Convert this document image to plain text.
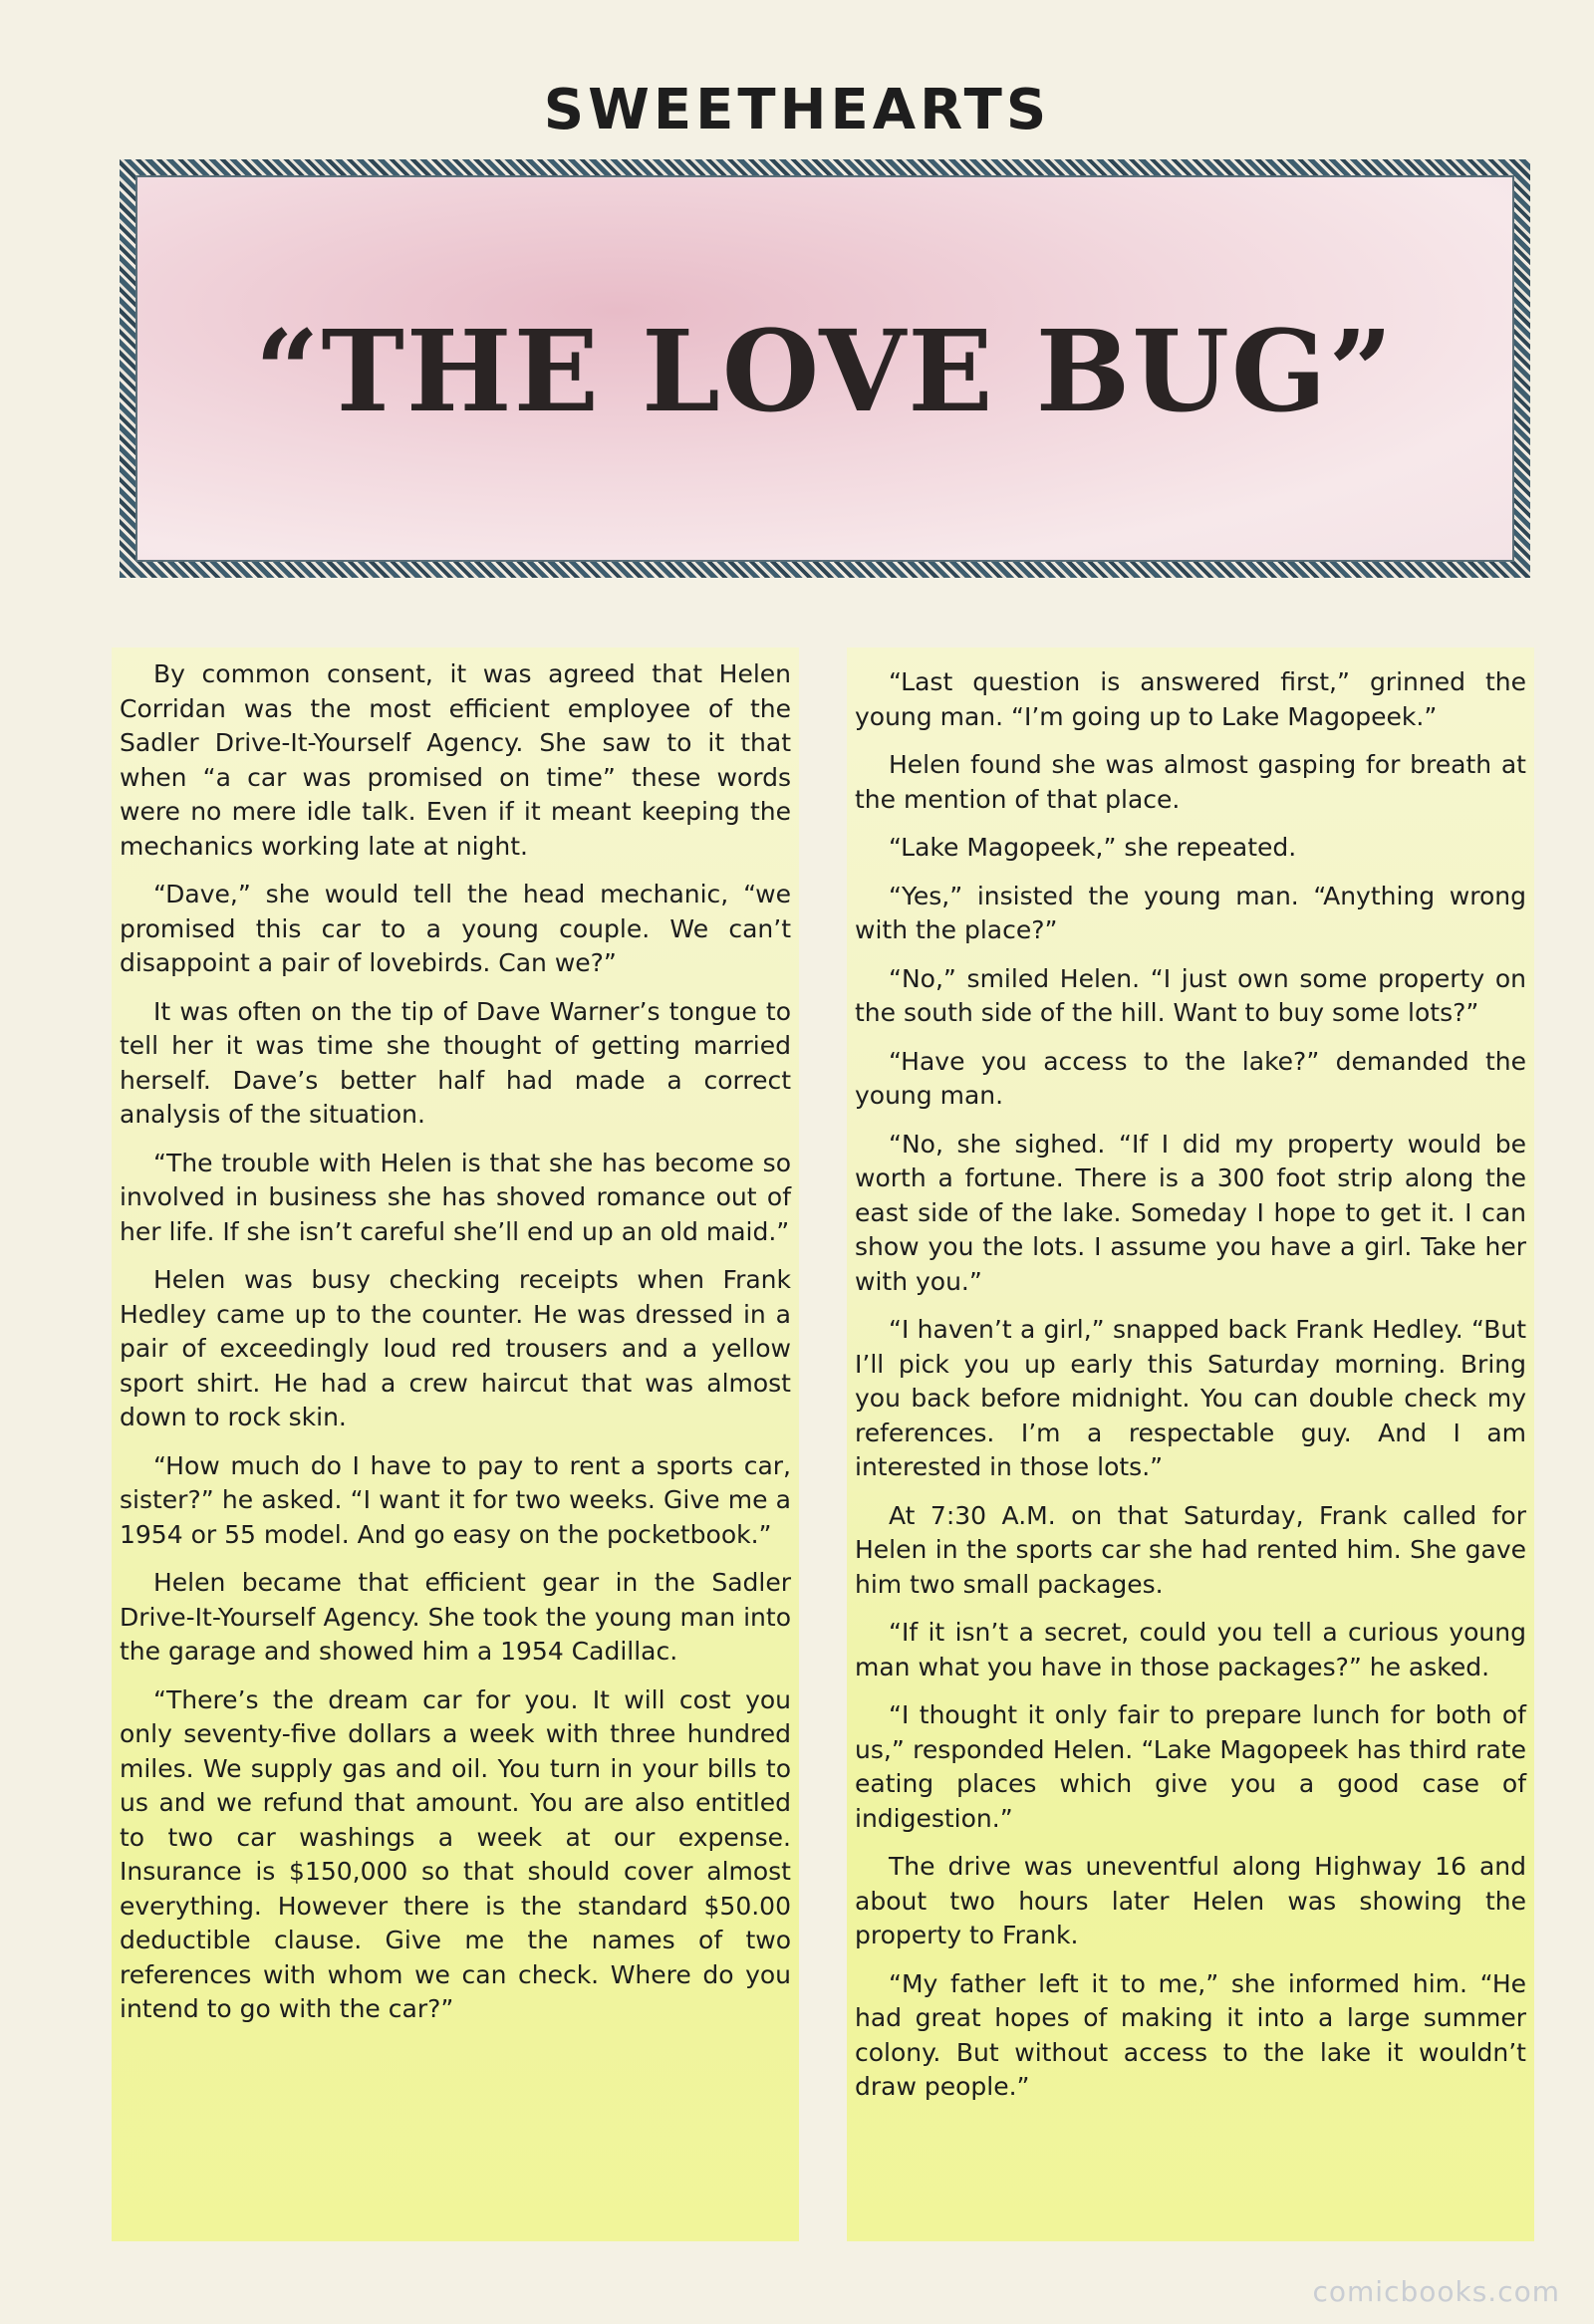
SWEETHEARTS
“THE LOVE BUG”

By common consent, it was agreed that Helen Corridan was the most efficient employee of the Sadler Drive-It-Yourself Agency. She saw to it that when “a car was promised on time” these words were no mere idle talk. Even if it meant keeping the mechanics working late at night.

“Dave,” she would tell the head mechanic, “we promised this car to a young couple. We can’t disappoint a pair of lovebirds. Can we?”

It was often on the tip of Dave Warner’s tongue to tell her it was time she thought of getting married herself. Dave’s better half had made a correct analysis of the situation.

“The trouble with Helen is that she has become so involved in business she has shoved romance out of her life. If she isn’t careful she’ll end up an old maid.”

Helen was busy checking receipts when Frank Hedley came up to the counter. He was dressed in a pair of exceedingly loud red trousers and a yellow sport shirt. He had a crew haircut that was almost down to rock skin.

“How much do I have to pay to rent a sports car, sister?” he asked. “I want it for two weeks. Give me a 1954 or 55 model. And go easy on the pocketbook.”

Helen became that efficient gear in the Sadler Drive-It-Yourself Agency. She took the young man into the garage and showed him a 1954 Cadillac.

“There’s the dream car for you. It will cost you only seventy-five dollars a week with three hundred miles. We supply gas and oil. You turn in your bills to us and we refund that amount. You are also entitled to two car washings a week at our expense. Insurance is $150,000 so that should cover almost everything. However there is the standard $50.00 deductible clause. Give me the names of two references with whom we can check. Where do you intend to go with the car?”

“Last question is answered first,” grinned the young man. “I’m going up to Lake Magopeek.”

Helen found she was almost gasping for breath at the mention of that place.

“Lake Magopeek,” she repeated.

“Yes,” insisted the young man. “Anything wrong with the place?”

“No,” smiled Helen. “I just own some property on the south side of the hill. Want to buy some lots?”

“Have you access to the lake?” demanded the young man.

“No, she sighed. “If I did my property would be worth a fortune. There is a 300 foot strip along the east side of the lake. Someday I hope to get it. I can show you the lots. I assume you have a girl. Take her with you.”

“I haven’t a girl,” snapped back Frank Hedley. “But I’ll pick you up early this Saturday morning. Bring you back before midnight. You can double check my references. I’m a respectable guy. And I am interested in those lots.”

At 7:30 A.M. on that Saturday, Frank called for Helen in the sports car she had rented him. She gave him two small packages.

“If it isn’t a secret, could you tell a curious young man what you have in those packages?” he asked.

“I thought it only fair to prepare lunch for both of us,” responded Helen. “Lake Magopeek has third rate eating places which give you a good case of indigestion.”

The drive was uneventful along Highway 16 and about two hours later Helen was showing the property to Frank.

“My father left it to me,” she informed him. “He had great hopes of making it into a large summer colony. But without access to the lake it wouldn’t draw people.”

comicbooks.com
